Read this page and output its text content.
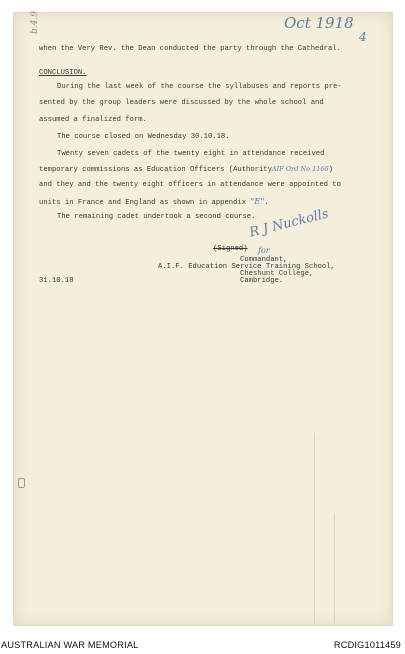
b.4.9	Oct 1918
4
when the Very Rev. the Dean conducted the party through the Cathedral.
CONCLUSION.
During the last week of the course the syllabuses and reports pre-
sented by the group leaders were discussed by the whole school and
assumed a finalized form.
The course closed on Wednesday 30.10.18.
Twenty seven cadets of the twenty eight in attendance received
temporary commissions as Education Officers (AuthorityAIF Ord No 1166)
and they and the twenty eight officers in attendance were appointed to
units in France and England as shown in appendix "E".
The remaining cadet undertook a second course.
(Signed)
R J Nuckolls
for
Commandant,
A.I.F. Education Service Training School,
Cheshunt College,
Cambridge.
31.10.18
AUSTRALIAN WAR MEMORIAL	RCDIG1011459
